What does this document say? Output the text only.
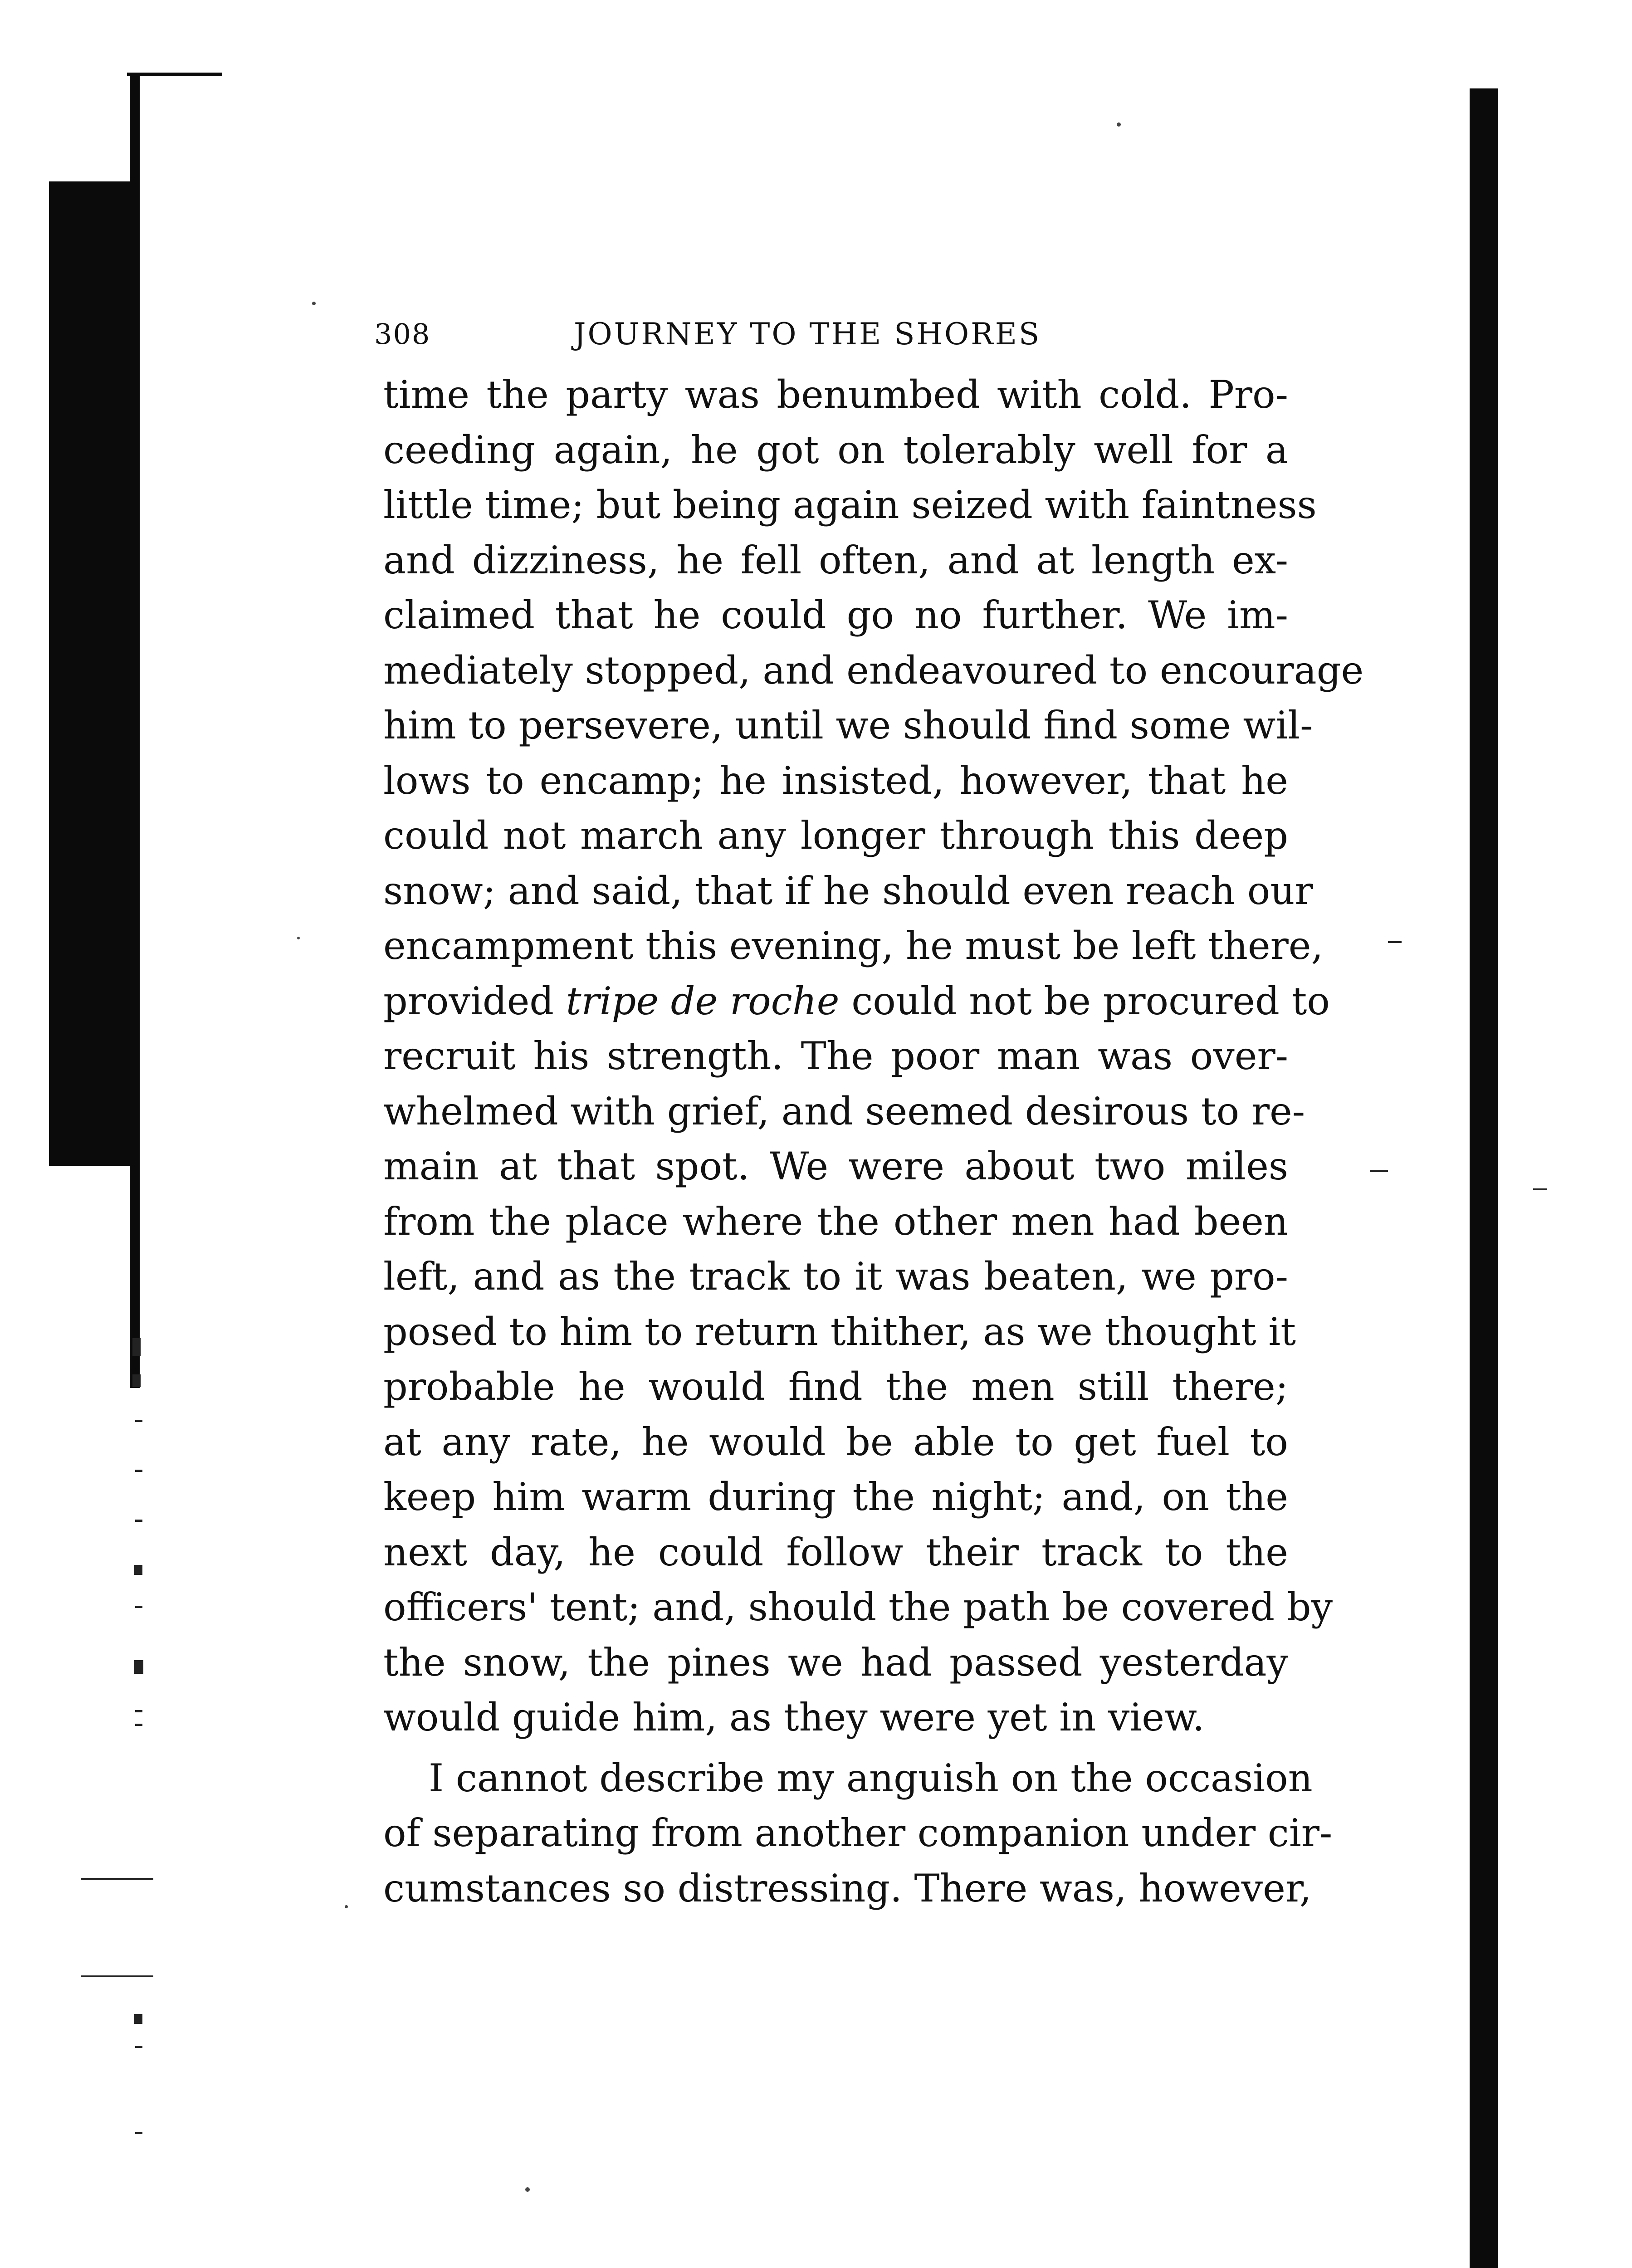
308	JOURNEY TO THE SHORES
time the party was benumbed with cold. Pro-
ceeding again, he got on tolerably well for a
little time; but being again seized with faintness
and dizziness, he fell often, and at length ex-
claimed that he could go no further. We im-
mediately stopped, and endeavoured to encourage
him to persevere, until we should find some wil-
lows to encamp; he insisted, however, that he
could not march any longer through this deep
snow; and said, that if he should even reach our
encampment this evening, he must be left there,
provided tripe de roche could not be procured to
recruit his strength. The poor man was over-
whelmed with grief, and seemed desirous to re-
main at that spot. We were about two miles
from the place where the other men had been
left, and as the track to it was beaten, we pro-
posed to him to return thither, as we thought it
probable he would find the men still there;
at any rate, he would be able to get fuel to
keep him warm during the night; and, on the
next day, he could follow their track to the
officers' tent; and, should the path be covered by
the snow, the pines we had passed yesterday
would guide him, as they were yet in view.
I cannot describe my anguish on the occasion
of separating from another companion under cir-
cumstances so distressing. There was, however,
